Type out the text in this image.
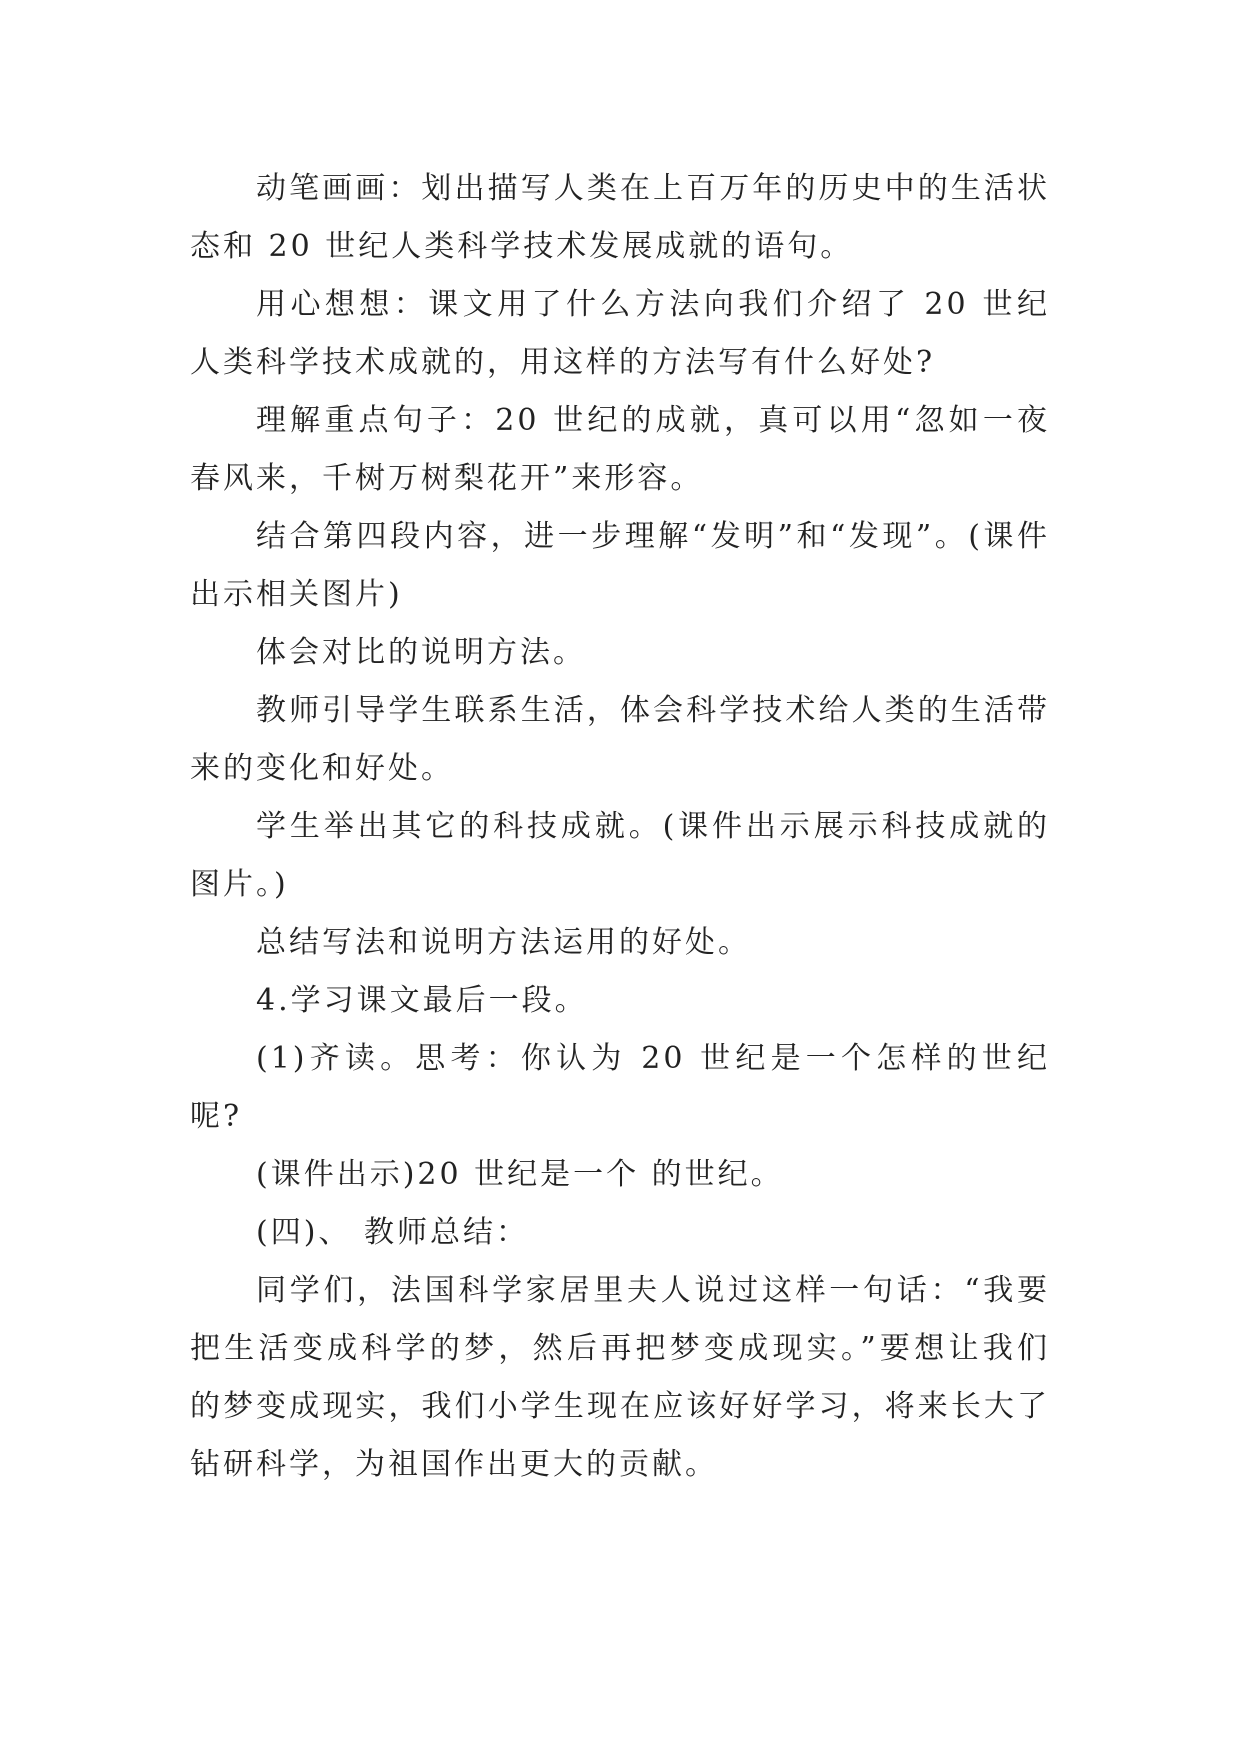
动笔画画：划出描写人类在上百万年的历史中的生活状态和 20 世纪人类科学技术发展成就的语句。

用心想想：课文用了什么方法向我们介绍了 20 世纪人类科学技术成就的，用这样的方法写有什么好处?

理解重点句子：20 世纪的成就，真可以用“忽如一夜春风来，千树万树梨花开”来形容。

结合第四段内容，进一步理解“发明”和“发现”。(课件出示相关图片)

体会对比的说明方法。

教师引导学生联系生活，体会科学技术给人类的生活带来的变化和好处。

学生举出其它的科技成就。(课件出示展示科技成就的图片。)

总结写法和说明方法运用的好处。

4.学习课文最后一段。

(1)齐读。思考：你认为 20 世纪是一个怎样的世纪呢?

(课件出示)20 世纪是一个 的世纪。

(四)、 教师总结：

同学们，法国科学家居里夫人说过这样一句话：“我要把生活变成科学的梦，然后再把梦变成现实。”要想让我们的梦变成现实，我们小学生现在应该好好学习，将来长大了钻研科学，为祖国作出更大的贡献。
